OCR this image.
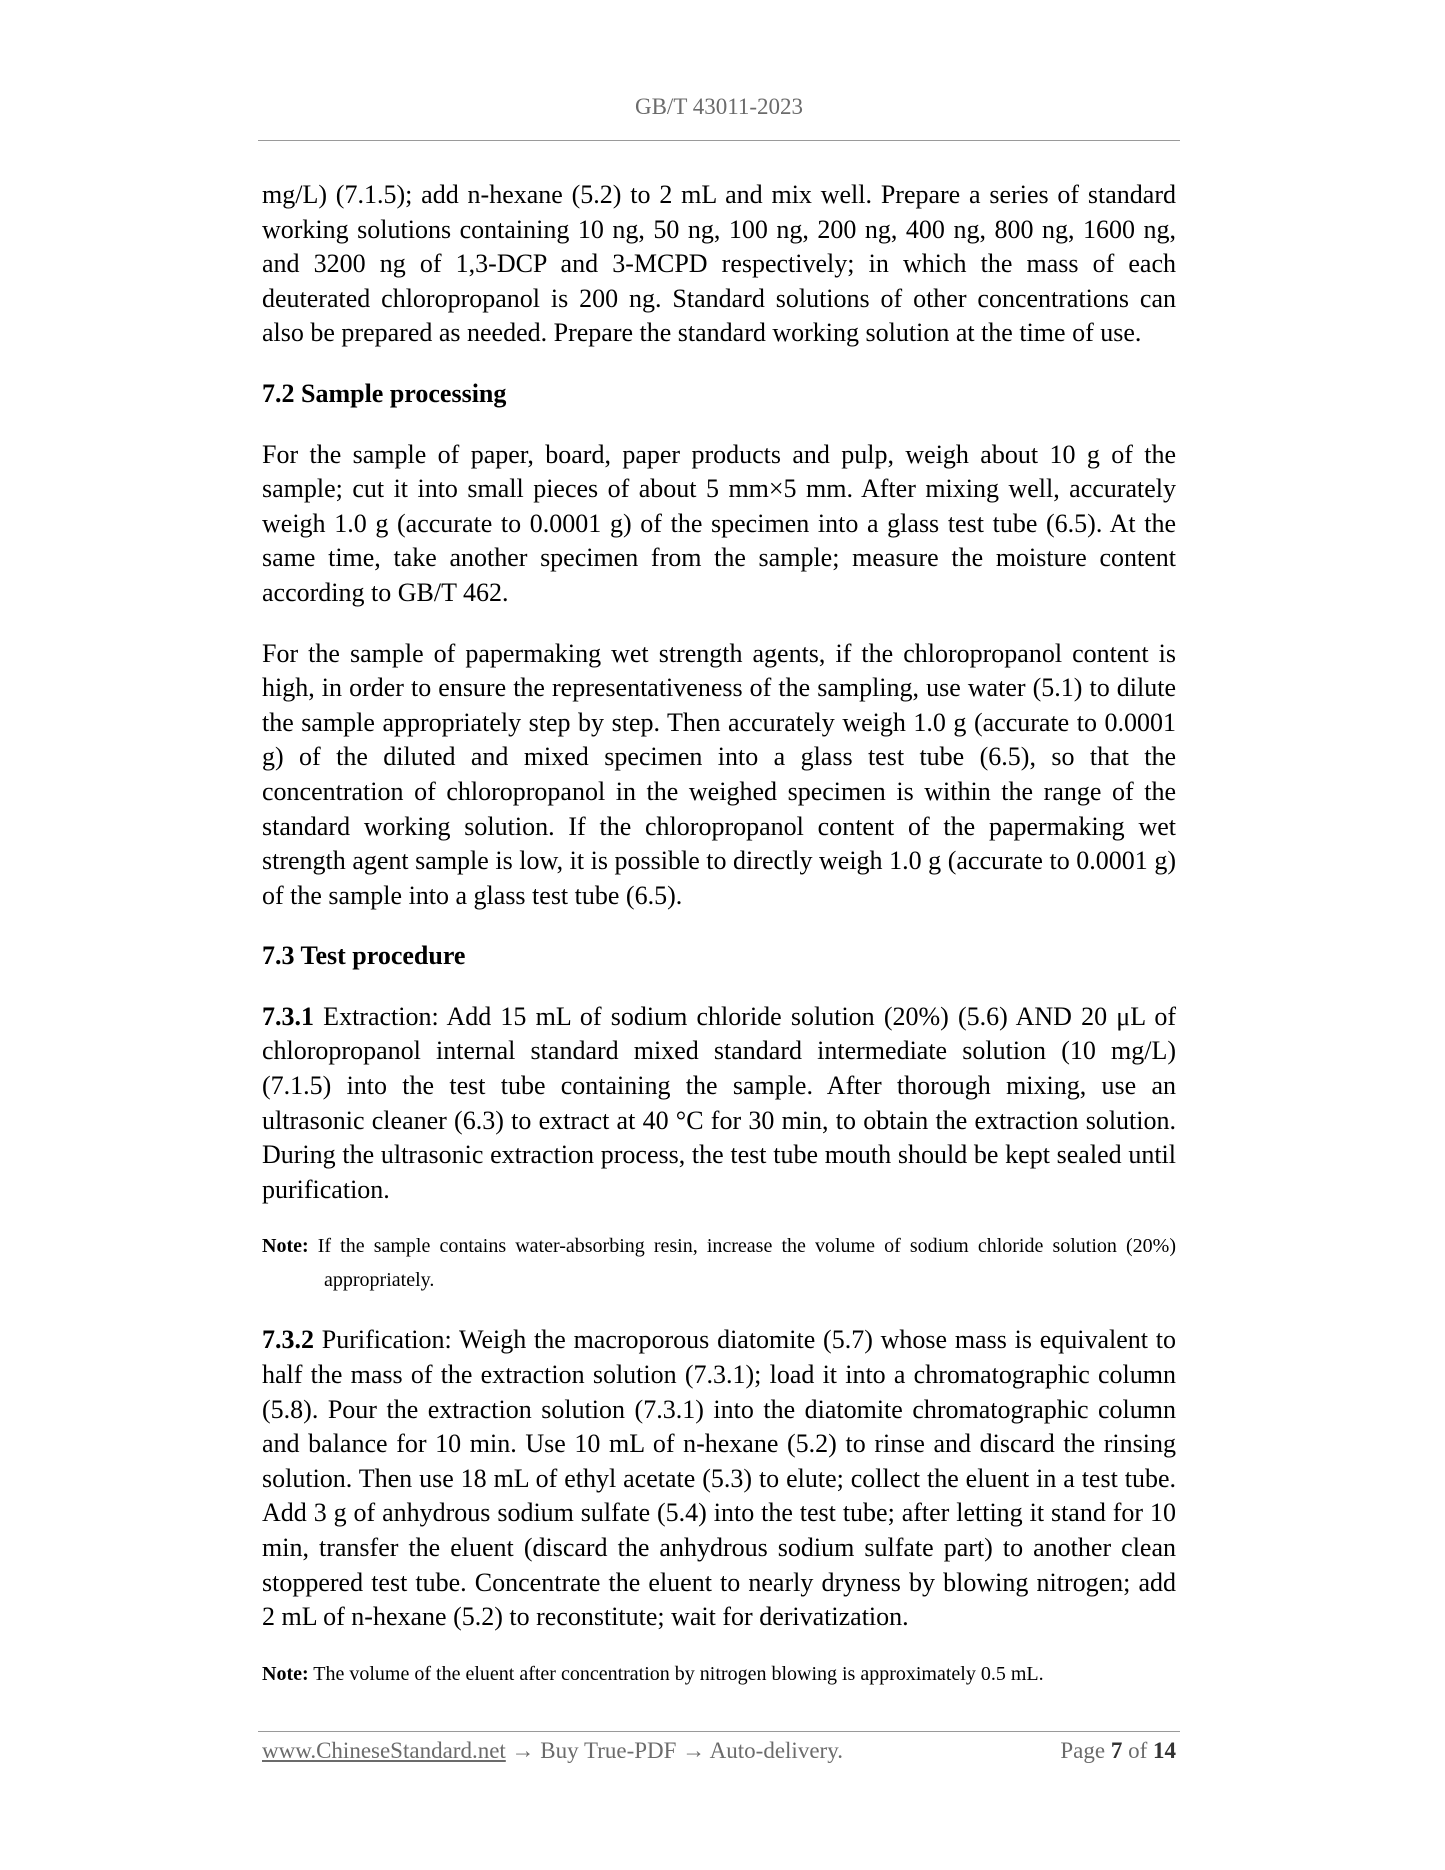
GB/T 43011-2023

mg/L) (7.1.5); add n-hexane (5.2) to 2 mL and mix well. Prepare a series of standard working solutions containing 10 ng, 50 ng, 100 ng, 200 ng, 400 ng, 800 ng, 1600 ng, and 3200 ng of 1,3-DCP and 3-MCPD respectively; in which the mass of each deuterated chloropropanol is 200 ng. Standard solutions of other concentrations can also be prepared as needed. Prepare the standard working solution at the time of use.

7.2 Sample processing

For the sample of paper, board, paper products and pulp, weigh about 10 g of the sample; cut it into small pieces of about 5 mm×5 mm. After mixing well, accurately weigh 1.0 g (accurate to 0.0001 g) of the specimen into a glass test tube (6.5). At the same time, take another specimen from the sample; measure the moisture content according to GB/T 462.

For the sample of papermaking wet strength agents, if the chloropropanol content is high, in order to ensure the representativeness of the sampling, use water (5.1) to dilute the sample appropriately step by step. Then accurately weigh 1.0 g (accurate to 0.0001 g) of the diluted and mixed specimen into a glass test tube (6.5), so that the concentration of chloropropanol in the weighed specimen is within the range of the standard working solution. If the chloropropanol content of the papermaking wet strength agent sample is low, it is possible to directly weigh 1.0 g (accurate to 0.0001 g) of the sample into a glass test tube (6.5).

7.3 Test procedure

7.3.1 Extraction: Add 15 mL of sodium chloride solution (20%) (5.6) AND 20 μL of chloropropanol internal standard mixed standard intermediate solution (10 mg/L) (7.1.5) into the test tube containing the sample. After thorough mixing, use an ultrasonic cleaner (6.3) to extract at 40 °C for 30 min, to obtain the extraction solution. During the ultrasonic extraction process, the test tube mouth should be kept sealed until purification.

Note: If the sample contains water-absorbing resin, increase the volume of sodium chloride solution (20%) appropriately.

7.3.2 Purification: Weigh the macroporous diatomite (5.7) whose mass is equivalent to half the mass of the extraction solution (7.3.1); load it into a chromatographic column (5.8). Pour the extraction solution (7.3.1) into the diatomite chromatographic column and balance for 10 min. Use 10 mL of n-hexane (5.2) to rinse and discard the rinsing solution. Then use 18 mL of ethyl acetate (5.3) to elute; collect the eluent in a test tube. Add 3 g of anhydrous sodium sulfate (5.4) into the test tube; after letting it stand for 10 min, transfer the eluent (discard the anhydrous sodium sulfate part) to another clean stoppered test tube. Concentrate the eluent to nearly dryness by blowing nitrogen; add 2 mL of n-hexane (5.2) to reconstitute; wait for derivatization.

Note: The volume of the eluent after concentration by nitrogen blowing is approximately 0.5 mL.

www.ChineseStandard.net → Buy True-PDF → Auto-delivery.	Page 7 of 14
